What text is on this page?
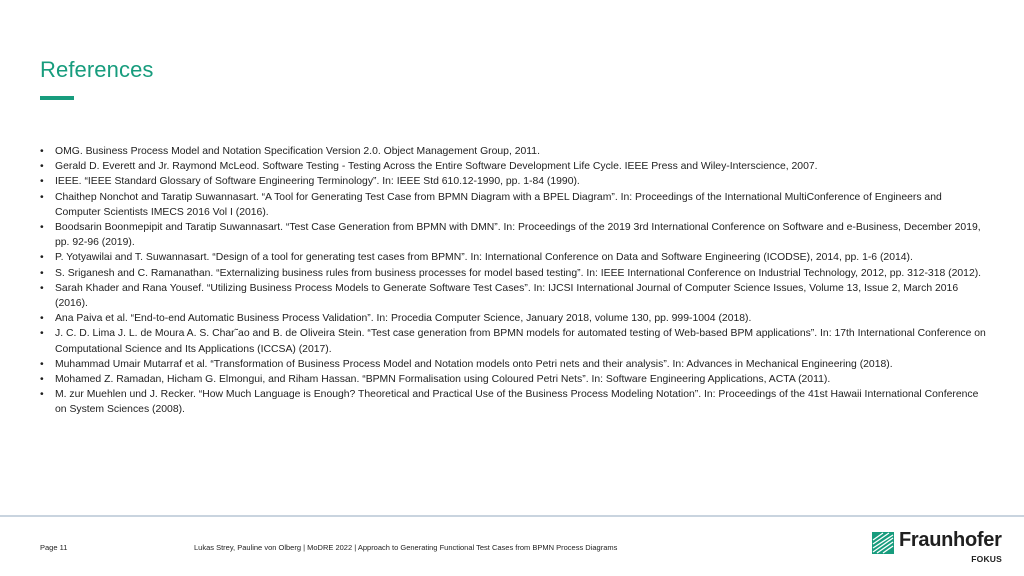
References
• OMG. Business Process Model and Notation Specification Version 2.0. Object Management Group, 2011.
• Gerald D. Everett and Jr. Raymond McLeod. Software Testing - Testing Across the Entire Software Development Life Cycle. IEEE Press and Wiley-Interscience, 2007.
• IEEE. “IEEE Standard Glossary of Software Engineering Terminology”. In: IEEE Std 610.12-1990, pp. 1-84 (1990).
• Chaithep Nonchot and Taratip Suwannasart. “A Tool for Generating Test Case from BPMN Diagram with a BPEL Diagram”. In: Proceedings of the International MultiConference of Engineers and Computer Scientists IMECS 2016 Vol I (2016).
• Boodsarin Boonmepipit and Taratip Suwannasart. “Test Case Generation from BPMN with DMN”. In: Proceedings of the 2019 3rd International Conference on Software and e-Business, December 2019, pp. 92-96 (2019).
• P. Yotyawilai and T. Suwannasart. “Design of a tool for generating test cases from BPMN”. In: International Conference on Data and Software Engineering (ICODSE), 2014, pp. 1-6 (2014).
• S. Sriganesh and C. Ramanathan. “Externalizing business rules from business processes for model based testing”. In: IEEE International Conference on Industrial Technology, 2012, pp. 312-318 (2012).
• Sarah Khader and Rana Yousef. “Utilizing Business Process Models to Generate Software Test Cases”. In: IJCSI International Journal of Computer Science Issues, Volume 13, Issue 2, March 2016 (2016).
• Ana Paiva et al. “End-to-end Automatic Business Process Validation”. In: Procedia Computer Science, January 2018, volume 130, pp. 999-1004 (2018).
• J. C. D. Lima J. L. de Moura A. S. Char˜ao and B. de Oliveira Stein. “Test case generation from BPMN models for automated testing of Web-based BPM applications”. In: 17th International Conference on Computational Science and Its Applications (ICCSA) (2017).
• Muhammad Umair Mutarraf et al. “Transformation of Business Process Model and Notation models onto Petri nets and their analysis”. In: Advances in Mechanical Engineering (2018).
• Mohamed Z. Ramadan, Hicham G. Elmongui, and Riham Hassan. “BPMN Formalisation using Coloured Petri Nets”. In: Software Engineering Applications, ACTA (2011).
• M. zur Muehlen und J. Recker. “How Much Language is Enough? Theoretical and Practical Use of the Business Process Modeling Notation”. In: Proceedings of the 41st Hawaii International Conference on System Sciences (2008).
Page 11	Lukas Strey, Pauline von Olberg | MoDRE 2022 | Approach to Generating Functional Test Cases from BPMN Process Diagrams	Fraunhofer
FOKUS
